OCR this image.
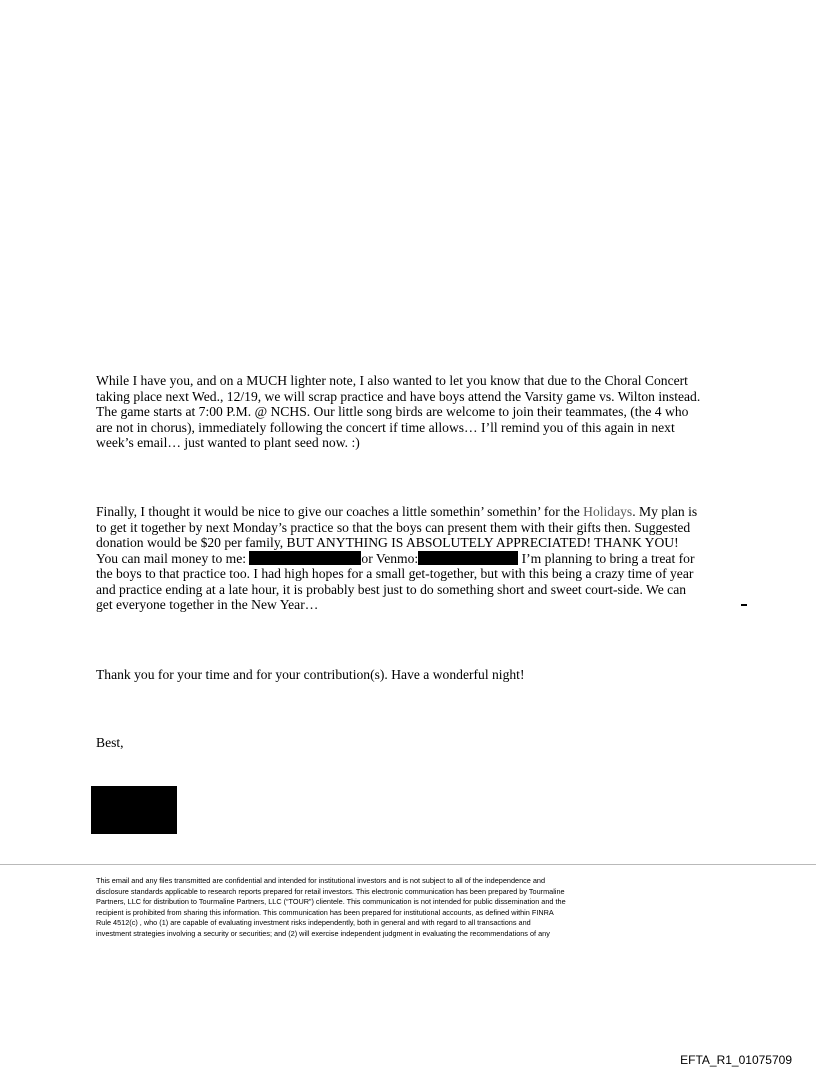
While I have you, and on a MUCH lighter note, I also wanted to let you know that due to the Choral Concert
taking place next Wed., 12/19, we will scrap practice and have boys attend the Varsity game vs. Wilton instead.
The game starts at 7:00 P.M. @ NCHS. Our little song birds are welcome to join their teammates, (the 4 who
are not in chorus), immediately following the concert if time allows… I’ll remind you of this again in next
week’s email… just wanted to plant seed now. :)
Finally, I thought it would be nice to give our coaches a little somethin’ somethin’ for the Holidays. My plan is
to get it together by next Monday’s practice so that the boys can present them with their gifts then. Suggested
donation would be $20 per family, BUT ANYTHING IS ABSOLUTELY APPRECIATED! THANK YOU!
You can mail money to me:	or Venmo:	I’m planning to bring a treat for
the boys to that practice too. I had high hopes for a small get-together, but with this being a crazy time of year
and practice ending at a late hour, it is probably best just to do something short and sweet court-side. We can
get everyone together in the New Year…

Thank you for your time and for your contribution(s). Have a wonderful night!

Best,

This email and any files transmitted are confidential and intended for institutional investors and is not subject to all of the independence and
disclosure standards applicable to research reports prepared for retail investors. This electronic communication has been prepared by Tourmaline
Partners, LLC for distribution to Tourmaline Partners, LLC (“TOUR”) clientele. This communication is not intended for public dissemination and the
recipient is prohibited from sharing this information. This communication has been prepared for institutional accounts, as defined within FINRA
Rule 4512(c) , who (1) are capable of evaluating investment risks independently, both in general and with regard to all transactions and
investment strategies involving a security or securities; and (2) will exercise independent judgment in evaluating the recommendations of any
EFTA_R1_01075709
